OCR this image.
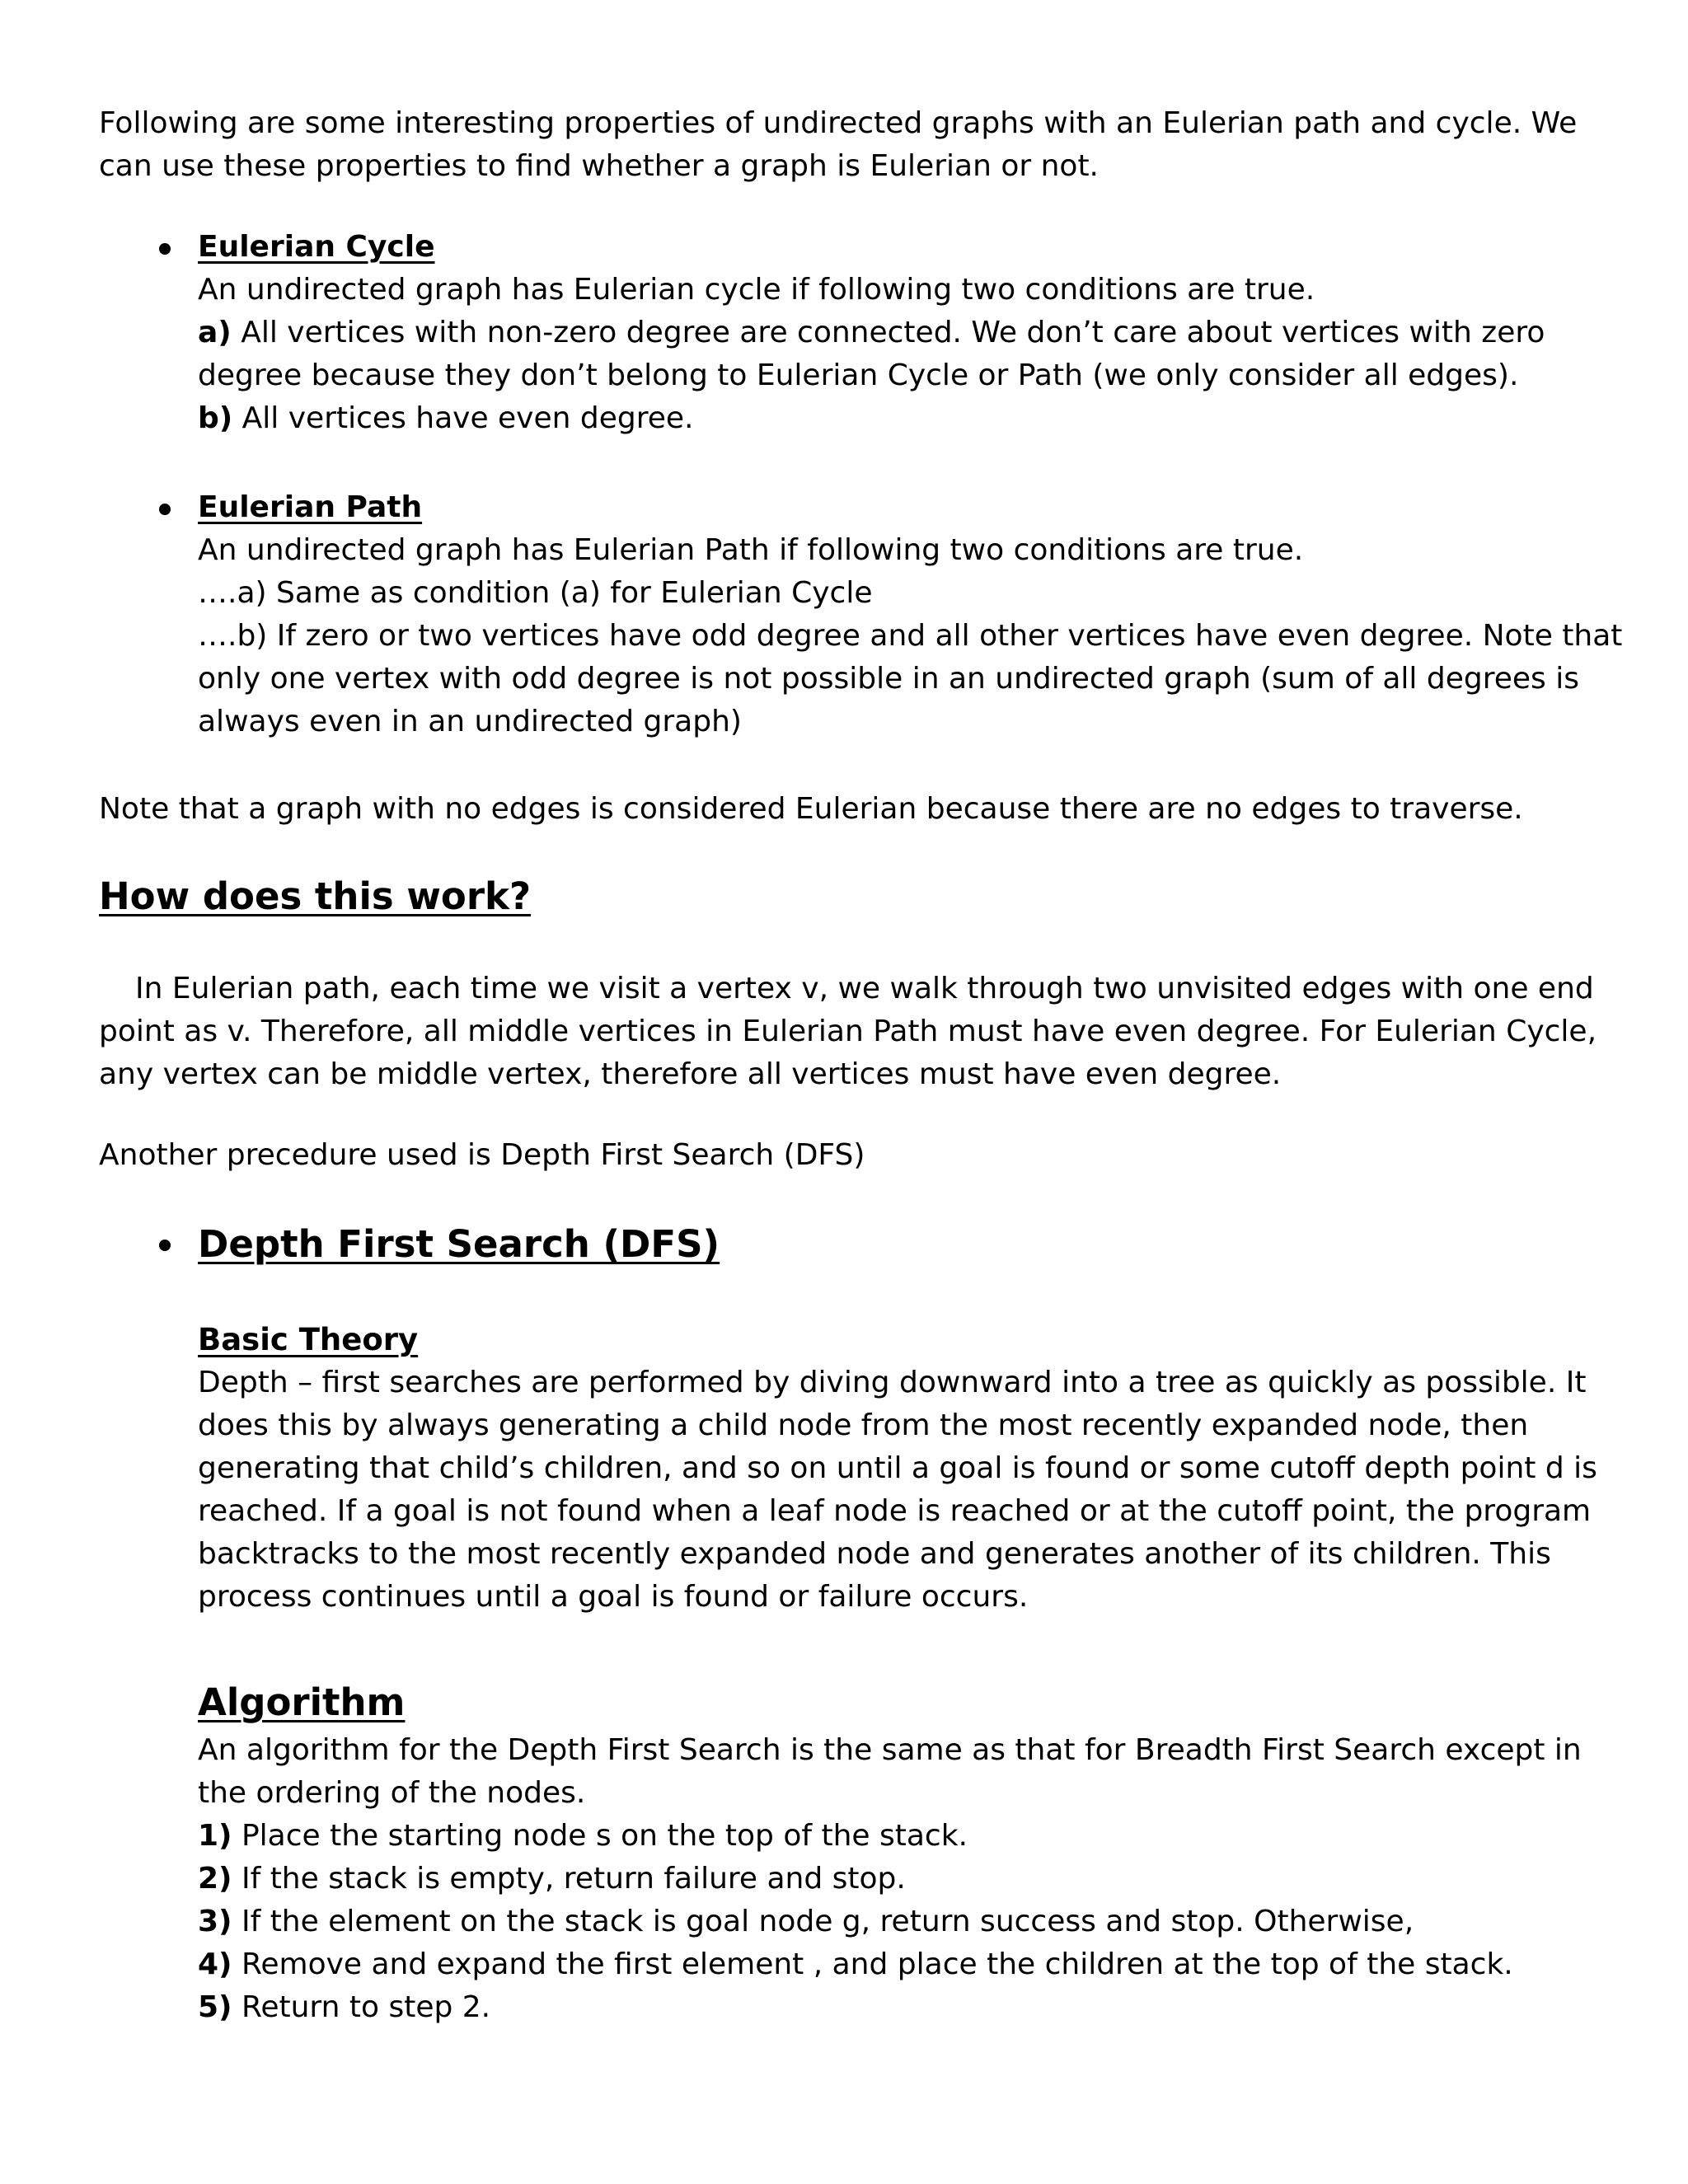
Following are some interesting properties of undirected graphs with an Eulerian path and cycle. We
can use these properties to find whether a graph is Eulerian or not.
Eulerian Cycle
An undirected graph has Eulerian cycle if following two conditions are true.
a) All vertices with non-zero degree are connected. We don’t care about vertices with zero
degree because they don’t belong to Eulerian Cycle or Path (we only consider all edges).
b) All vertices have even degree.
Eulerian Path
An undirected graph has Eulerian Path if following two conditions are true.
….a) Same as condition (a) for Eulerian Cycle
….b) If zero or two vertices have odd degree and all other vertices have even degree. Note that
only one vertex with odd degree is not possible in an undirected graph (sum of all degrees is
always even in an undirected graph)
Note that a graph with no edges is considered Eulerian because there are no edges to traverse.
How does this work?
In Eulerian path, each time we visit a vertex v, we walk through two unvisited edges with one end
point as v. Therefore, all middle vertices in Eulerian Path must have even degree. For Eulerian Cycle,
any vertex can be middle vertex, therefore all vertices must have even degree.
Another precedure used is Depth First Search (DFS)
Depth First Search (DFS)
Basic Theory
Depth – first searches are performed by diving downward into a tree as quickly as possible. It
does this by always generating a child node from the most recently expanded node, then
generating that child’s children, and so on until a goal is found or some cutoff depth point d is
reached. If a goal is not found when a leaf node is reached or at the cutoff point, the program
backtracks to the most recently expanded node and generates another of its children. This
process continues until a goal is found or failure occurs.
Algorithm
An algorithm for the Depth First Search is the same as that for Breadth First Search except in
the ordering of the nodes.
1) Place the starting node s on the top of the stack.
2) If the stack is empty, return failure and stop.
3) If the element on the stack is goal node g, return success and stop. Otherwise,
4) Remove and expand the first element , and place the children at the top of the stack.
5) Return to step 2.
